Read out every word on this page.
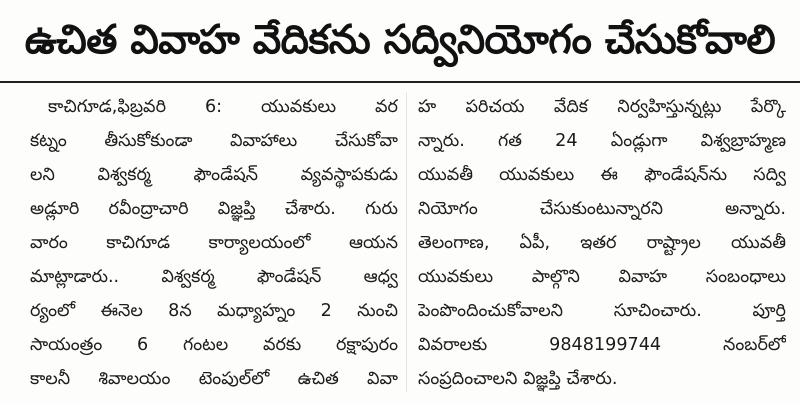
ఉచిత వివాహ వేదికను సద్వినియోగం చేసుకోవాలి
కాచిగూడ,ఫిబ్రవరి 6: యువకులు వర
కట్నం తీసుకోకుండా వివాహాలు చేసుకోవా
లని విశ్వకర్మ ఫౌండేషన్ వ్యవస్థాపకుడు
అడ్లూరి రవీంద్రాచారి విజ్ఞప్తి చేశారు. గురు
వారం కాచిగూడ కార్యాలయంలో ఆయన
మాట్లాడారు.. విశ్వకర్మ ఫౌండేషన్ ఆధ్వ
ర్యంలో ఈనెల 8న మధ్యాహ్నం 2 నుంచి
సాయంత్రం 6 గంటల వరకు రక్షాపురం
కాలనీ శివాలయం టెంపుల్‌లో ఉచిత వివా
హ పరిచయ వేదిక నిర్వహిస్తున్నట్లు పేర్కొ
న్నారు. గత 24 ఏండ్లుగా విశ్వబ్రాహ్మణ
యువతీ యువకులు ఈ ఫౌండేషన్‌ను సద్వి
నియోగం చేసుకుంటున్నారని అన్నారు.
తెలంగాణ, ఏపీ, ఇతర రాష్ట్రాల యువతీ
యువకులు పాల్గొని వివాహ సంబంధాలు
పెంపొందించుకోవాలని సూచించారు. పూర్తి
వివరాలకు 9848199744 నంబర్‌లో
సంప్రదించాలని విజ్ఞప్తి చేశారు.
